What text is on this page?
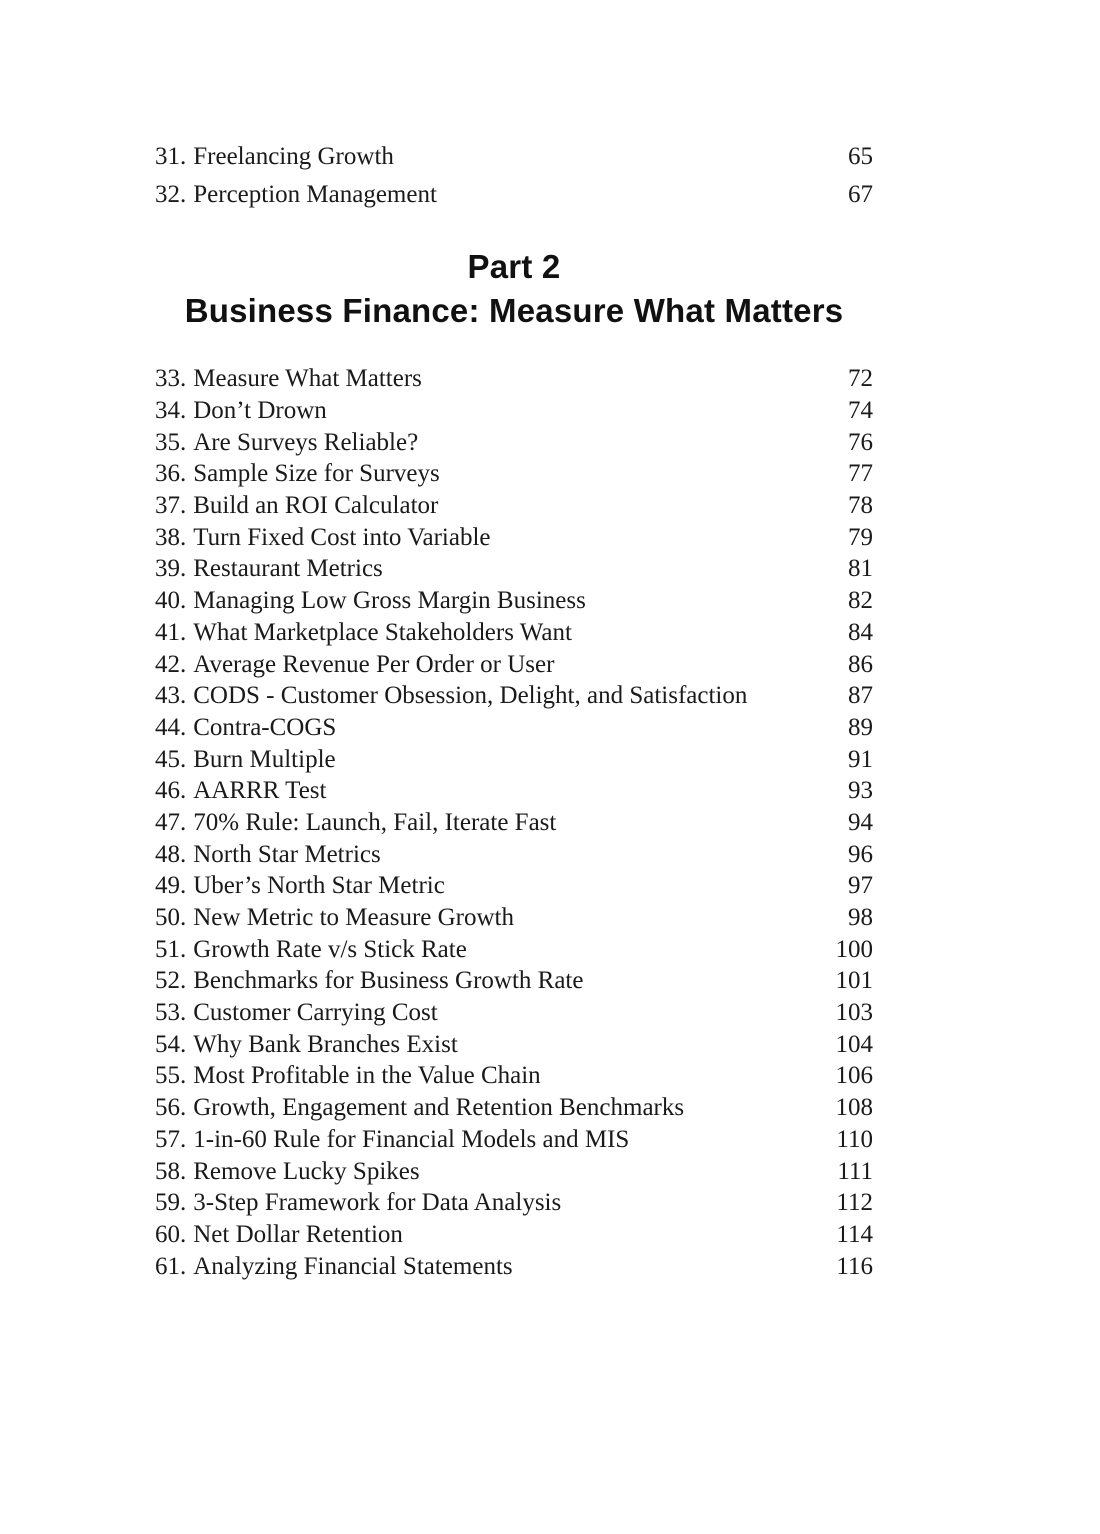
31. Freelancing Growth	65
32. Perception Management	67
Part 2
Business Finance: Measure What Matters
33. Measure What Matters	72
34. Don’t Drown	74
35. Are Surveys Reliable?	76
36. Sample Size for Surveys	77
37. Build an ROI Calculator	78
38. Turn Fixed Cost into Variable	79
39. Restaurant Metrics	81
40. Managing Low Gross Margin Business	82
41. What Marketplace Stakeholders Want	84
42. Average Revenue Per Order or User	86
43. CODS - Customer Obsession, Delight, and Satisfaction	87
44. Contra-COGS	89
45. Burn Multiple	91
46. AARRR Test	93
47. 70% Rule: Launch, Fail, Iterate Fast	94
48. North Star Metrics	96
49. Uber’s North Star Metric	97
50. New Metric to Measure Growth	98
51. Growth Rate v/s Stick Rate	100
52. Benchmarks for Business Growth Rate	101
53. Customer Carrying Cost	103
54. Why Bank Branches Exist	104
55. Most Profitable in the Value Chain	106
56. Growth, Engagement and Retention Benchmarks	108
57. 1-in-60 Rule for Financial Models and MIS	110
58. Remove Lucky Spikes	111
59. 3-Step Framework for Data Analysis	112
60. Net Dollar Retention	114
61. Analyzing Financial Statements	116
